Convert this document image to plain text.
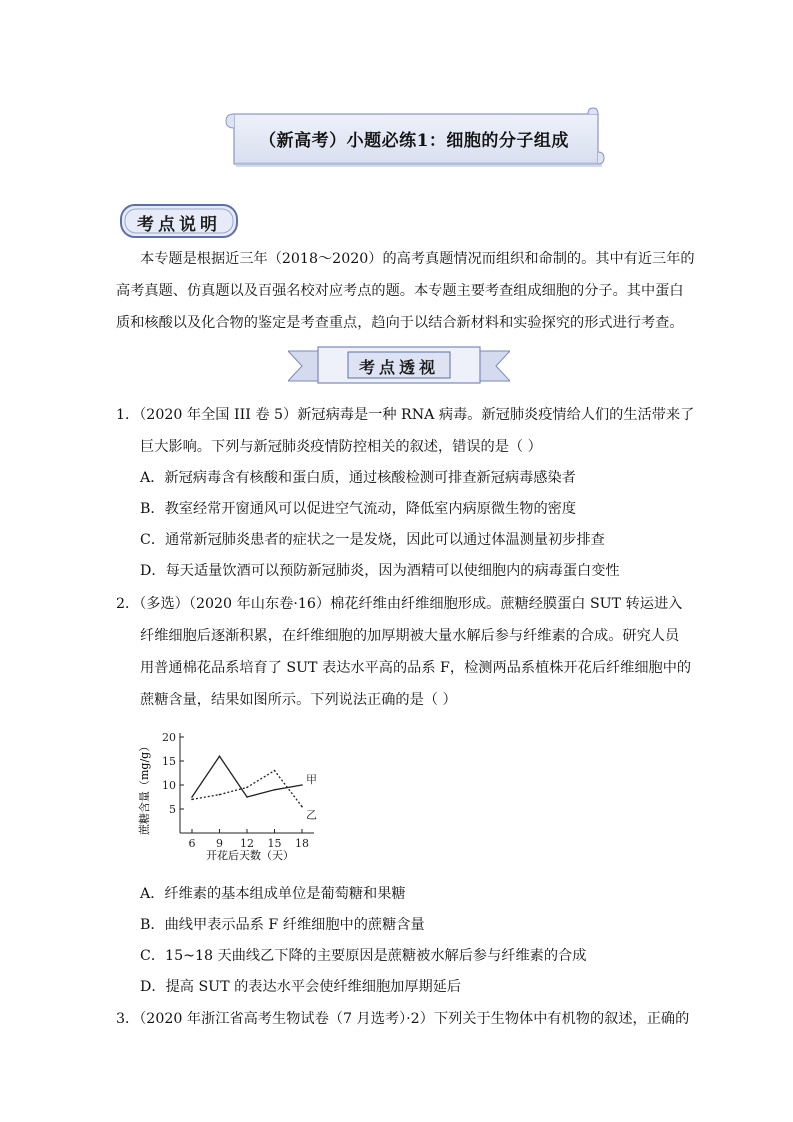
（新高考）小题必练1：细胞的分子组成
考点说明
本专题是根据近三年（2018～2020）的高考真题情况而组织和命制的。其中有近三年的
高考真题、仿真题以及百强名校对应考点的题。本专题主要考查组成细胞的分子。其中蛋白
质和核酸以及化合物的鉴定是考查重点，趋向于以结合新材料和实验探究的形式进行考查。
考点透视
1．（2020 年全国 III 卷 5）新冠病毒是一种 RNA 病毒。新冠肺炎疫情给人们的生活带来了
巨大影响。下列与新冠肺炎疫情防控相关的叙述，错误的是（ ）
A．新冠病毒含有核酸和蛋白质，通过核酸检测可排查新冠病毒感染者
B．教室经常开窗通风可以促进空气流动，降低室内病原微生物的密度
C．通常新冠肺炎患者的症状之一是发烧，因此可以通过体温测量初步排查
D．每天适量饮酒可以预防新冠肺炎，因为酒精可以使细胞内的病毒蛋白变性
2．（多选）（2020 年山东卷·16）棉花纤维由纤维细胞形成。蔗糖经膜蛋白 SUT 转运进入
纤维细胞后逐渐积累，在纤维细胞的加厚期被大量水解后参与纤维素的合成。研究人员
用普通棉花品系培育了 SUT 表达水平高的品系 F，检测两品系植株开花后纤维细胞中的
蔗糖含量，结果如图所示。下列说法正确的是（ ）
蔗糖含量（mg/g） 5
10
15
20
6 9 12 15 18
甲
乙
开花后天数（天）
A．纤维素的基本组成单位是葡萄糖和果糖
B．曲线甲表示品系 F 纤维细胞中的蔗糖含量
C．15~18 天曲线乙下降的主要原因是蔗糖被水解后参与纤维素的合成
D．提高 SUT 的表达水平会使纤维细胞加厚期延后
3．（2020 年浙江省高考生物试卷（7 月选考）·2）下列关于生物体中有机物的叙述，正确的
